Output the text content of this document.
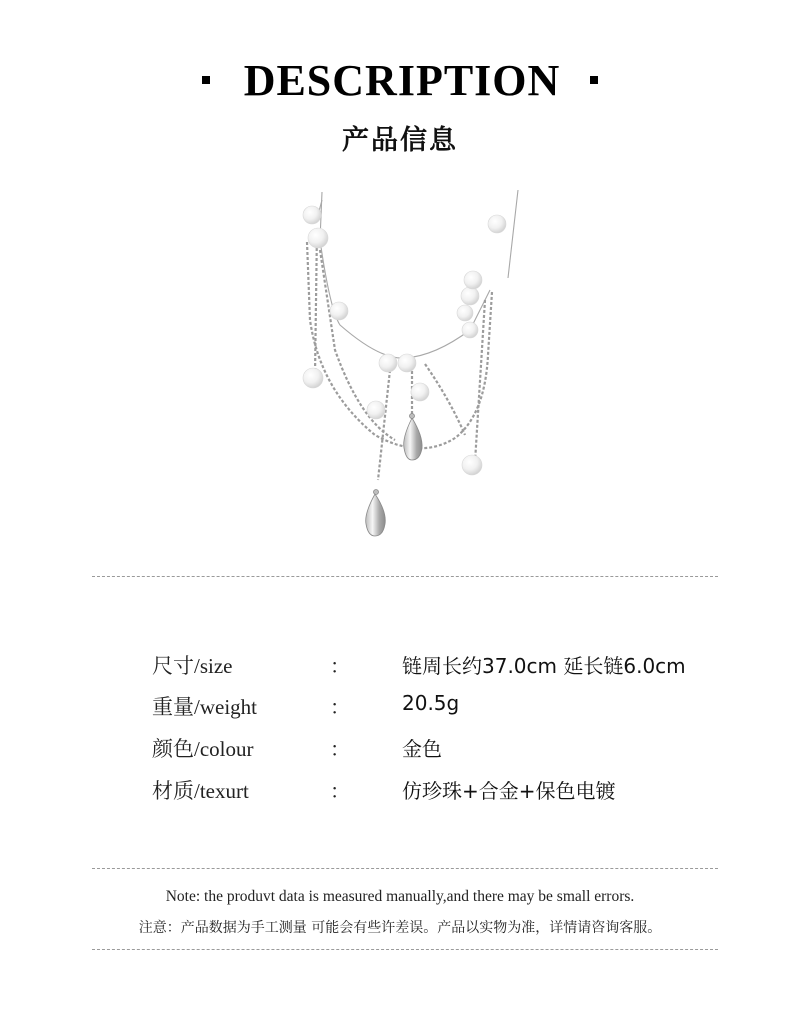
DESCRIPTION
产品信息
尺寸/size	：	链周长约37.0cm 延长链6.0cm
重量/weight	：	20.5g
颜色/colour	：	金色
材质/texurt	：	仿珍珠+合金+保色电镀
Note: the produvt data is measured manually,and there may be small errors.
注意：产品数据为手工测量 可能会有些许差误。产品以实物为准，详情请咨询客服。
